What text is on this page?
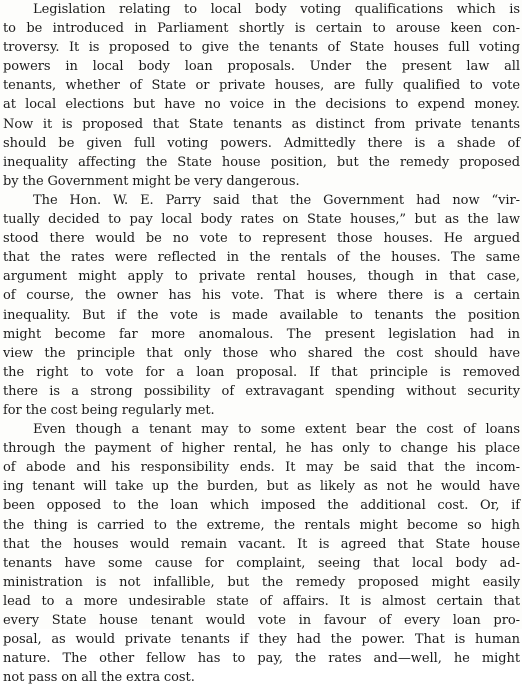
Legislation relating to local body voting qualifications which is
to be introduced in Parliament shortly is certain to arouse keen con-
troversy. It is proposed to give the tenants of State houses full voting
powers in local body loan proposals. Under the present law all
tenants, whether of State or private houses, are fully qualified to vote
at local elections but have no voice in the decisions to expend money.
Now it is proposed that State tenants as distinct from private tenants
should be given full voting powers. Admittedly there is a shade of
inequality affecting the State house position, but the remedy proposed
by the Government might be very dangerous.

The Hon. W. E. Parry said that the Government had now “vir-
tually decided to pay local body rates on State houses,” but as the law
stood there would be no vote to represent those houses. He argued
that the rates were reflected in the rentals of the houses. The same
argument might apply to private rental houses, though in that case,
of course, the owner has his vote. That is where there is a certain
inequality. But if the vote is made available to tenants the position
might become far more anomalous. The present legislation had in
view the principle that only those who shared the cost should have
the right to vote for a loan proposal. If that principle is removed
there is a strong possibility of extravagant spending without security
for the cost being regularly met.

Even though a tenant may to some extent bear the cost of loans
through the payment of higher rental, he has only to change his place
of abode and his responsibility ends. It may be said that the incom-
ing tenant will take up the burden, but as likely as not he would have
been opposed to the loan which imposed the additional cost. Or, if
the thing is carried to the extreme, the rentals might become so high
that the houses would remain vacant. It is agreed that State house
tenants have some cause for complaint, seeing that local body ad-
ministration is not infallible, but the remedy proposed might easily
lead to a more undesirable state of affairs. It is almost certain that
every State house tenant would vote in favour of every loan pro-
posal, as would private tenants if they had the power. That is human
nature. The other fellow has to pay, the rates and—well, he might
not pass on all the extra cost.
